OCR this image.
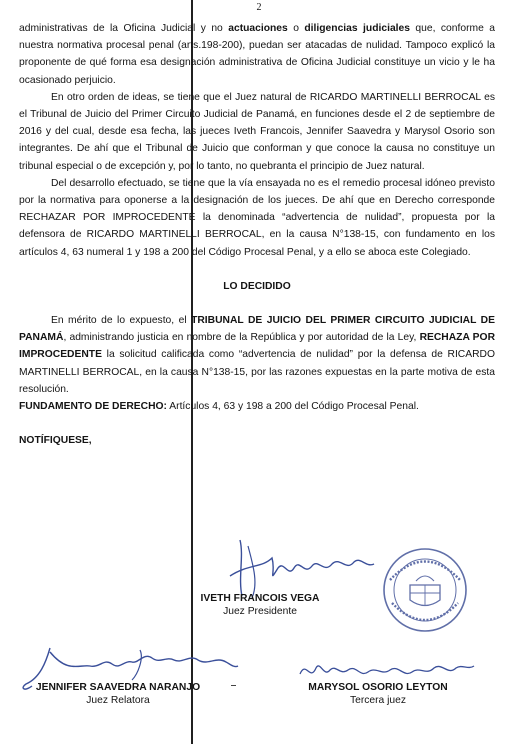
2

administrativas de la Oficina Judicial y no actuaciones o diligencias judiciales que, conforme a nuestra normativa procesal penal (arts.198-200), puedan ser atacadas de nulidad. Tampoco explicó la proponente de qué forma esa designación administrativa de Oficina Judicial constituye un vicio y le ha ocasionado perjuicio.

En otro orden de ideas, se tiene que el Juez natural de RICARDO MARTINELLI BERROCAL es el Tribunal de Juicio del Primer Circuito Judicial de Panamá, en funciones desde el 2 de septiembre de 2016 y del cual, desde esa fecha, las jueces Iveth Francois, Jennifer Saavedra y Marysol Osorio son integrantes. De ahí que el Tribunal de Juicio que conforman y que conoce la causa no constituye un tribunal especial o de excepción y, por lo tanto, no quebranta el principio de Juez natural.

Del desarrollo efectuado, se tiene que la vía ensayada no es el remedio procesal idóneo previsto por la normativa para oponerse a la designación de los jueces. De ahí que en Derecho corresponde RECHAZAR POR IMPROCEDENTE la denominada “advertencia de nulidad”, propuesta por la defensora de RICARDO MARTINELLI BERROCAL, en la causa N°138-15, con fundamento en los artículos 4, 63 numeral 1 y 198 a 200 del Código Procesal Penal, y a ello se aboca este Colegiado.

LO DECIDIDO

En mérito de lo expuesto, el TRIBUNAL DE JUICIO DEL PRIMER CIRCUITO JUDICIAL DE PANAMÁ, administrando justicia en nombre de la República y por autoridad de la Ley, RECHAZA POR IMPROCEDENTE la solicitud calificada como “advertencia de nulidad” por la defensa de RICARDO MARTINELLI BERROCAL, en la causa N°138-15, por las razones expuestas en la parte motiva de esta resolución.

FUNDAMENTO DE DERECHO: Artículos 4, 63 y 198 a 200 del Código Procesal Penal.

NOTÍFIQUESE,

IVETH FRANCOIS VEGA
Juez Presidente
JENNIFER SAAVEDRA NARANJO
Juez Relatora
MARYSOL OSORIO LEYTON
Tercera juez
